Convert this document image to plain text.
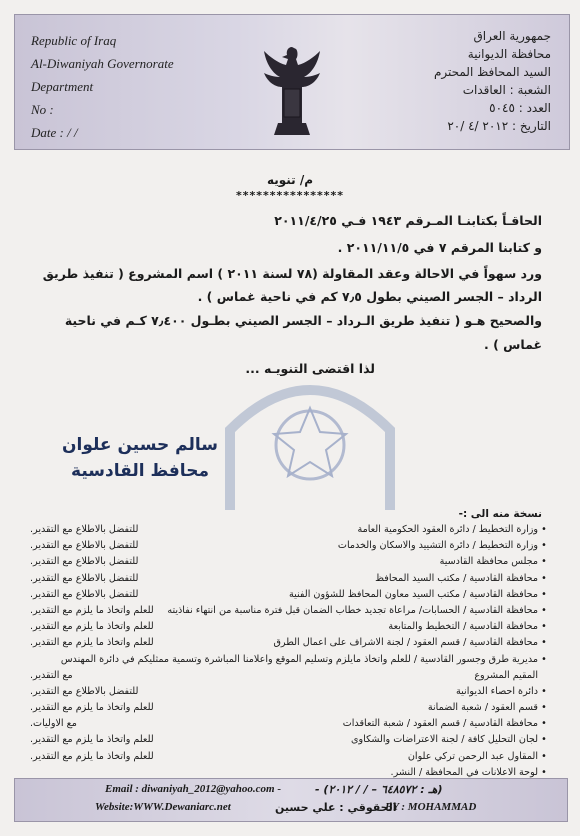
Republic of Iraq
Al-Diwaniyah Governorate
Department
No :
Date : / /
جمهورية العراق
محافظة الديوانية
السيد المحافظ المحترم
الشعبة : العاقدات
العدد : ٥٠٤٥
التاريخ : ٢٠١٢ /٤ /٢٠
م/ تنويه
****************
الحاقـاً بكتابنـا المـرقم ١٩٤٣ فـي ٢٠١١/٤/٢٥
و كتابنا المرقم ٧ في ٢٠١١/١١/٥ .
ورد سهواً في الاحالة وعقد المقاولة (٧٨ لسنة ٢٠١١ ) اسم المشروع ( تنفيذ طريق
الرداد – الجسر الصيني بطول ٧٫٥ كم في ناحية غماس ) .
والصحيح هـو ( تنفيذ طريق الـرداد – الجسر الصيني بطـول ٧٫٤٠٠ كـم في ناحية
غماس ) .
لذا اقتضى التنويـه ...
سالم حسين علوان
محافظ القادسية
نسخة منه الى :-
•وزارة التخطيط / دائرة العقود الحكومية العامة
للتفضل بالاطلاع مع التقدير.
•وزارة التخطيط / دائرة التشييد والاسكان والخدمات
للتفضل بالاطلاع مع التقدير.
•مجلس محافظة القادسية
للتفضل بالاطلاع مع التقدير.
•محافظة القادسية / مكتب السيد المحافظ
للتفضل بالاطلاع مع التقدير.
•محافظة القادسية / مكتب السيد معاون المحافظ للشؤون الفنية
للتفضل بالاطلاع مع التقدير.
•محافظة القادسية / الحسابات/ مراعاة تجديد خطاب الضمان قبل فترة مناسبة من انتهاء نفاذيته
للعلم واتخاذ ما يلزم مع التقدير.
•محافظة القادسية / التخطيط والمتابعة
للعلم واتخاذ ما يلزم مع التقدير.
•محافظة القادسية / قسم العقود / لجنة الاشراف على اعمال الطرق
للعلم واتخاذ ما يلزم مع التقدير.
•مديرية طرق وجسور القادسية / للعلم واتخاذ مايلزم وتسليم الموقع واعلامنا المباشرة وتسمية ممثليكم في دائرة المهندس
المقيم المشروع
مع التقدير.
•دائرة احصاء الديوانية
للتفضل بالاطلاع مع التقدير.
•قسم العقود / شعبة الضمانة
للعلم واتخاذ ما يلزم مع التقدير.
•محافظة القادسية / قسم العقود / شعبة التعاقدات
مع الاوليات.
•لجان التحليل كافة / لجنة الاعتراضات والشكاوى
للعلم واتخاذ ما يلزم مع التقدير.
•المقاول عبد الرحمن تركي علوان
للعلم واتخاذ ما يلزم مع التقدير.
•لوحة الاعلانات في المحافظة / النشر.
Email : diwaniyah_2012@yahoo.com -	(هـ : ٦٤٨٥٧٢ – / / ٢٠١٢) -
Website:WWW.Dewaniarc.net	الحقوقي : علي حسين
BY : MOHAMMAD
